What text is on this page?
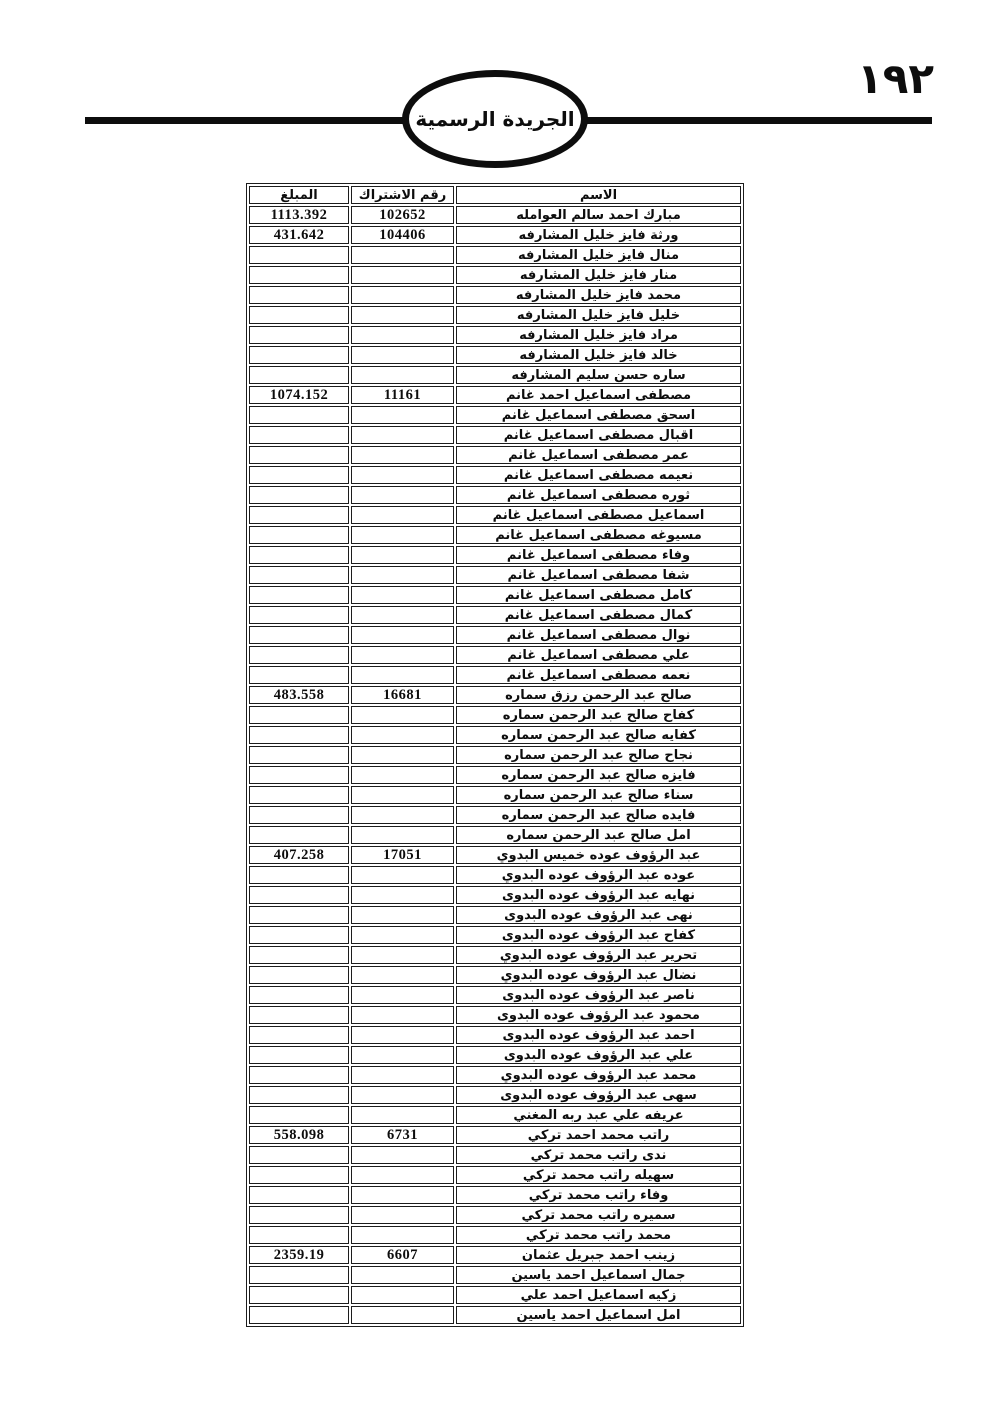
١٩٢
الجريدة الرسمية
الاسم	رقم الاشتراك	المبلغ
مبارك احمد سالم العوامله	102652	1113.392
ورثة فايز خليل المشارفه	104406	431.642
منال فايز خليل المشارفه		
منار فايز خليل المشارفه		
محمد فايز خليل المشارفه		
خليل فايز خليل المشارفه		
مراد فايز خليل المشارفه		
خالد فايز خليل المشارفه		
ساره حسن سليم المشارفه		
مصطفى اسماعيل احمد غانم	11161	1074.152
اسحق مصطفى اسماعيل غانم		
اقبال مصطفى اسماعيل غانم		
عمر مصطفى اسماعيل غانم		
نعيمه مصطفى اسماعيل غانم		
ثوره مصطفى اسماعيل غانم		
اسماعيل مصطفى اسماعيل غانم		
مسيوغه مصطفى اسماعيل غانم		
وفاء مصطفى اسماعيل غانم		
شفا مصطفى اسماعيل غانم		
كامل مصطفى اسماعيل غانم		
كمال مصطفى اسماعيل غانم		
نوال مصطفى اسماعيل غانم		
علي مصطفى اسماعيل غانم		
نعمه مصطفى اسماعيل غانم		
صالح عبد الرحمن رزق سماره	16681	483.558
كفاح صالح عبد الرحمن سماره		
كفايه صالح عبد الرحمن سماره		
نجاح صالح عبد الرحمن سماره		
فايزه صالح عبد الرحمن سماره		
سناء صالح عبد الرحمن سماره		
فايده صالح عبد الرحمن سماره		
امل صالح عبد الرحمن سماره		
عبد الرؤوف عوده خميس البدوي	17051	407.258
عوده عبد الرؤوف عوده البدوي		
نهايه عبد الرؤوف عوده البدوى		
نهى عبد الرؤوف عوده البدوى		
كفاح عبد الرؤوف عوده البدوى		
تحرير عبد الرؤوف عوده البدوي		
نضال عبد الرؤوف عوده البدوي		
ناصر عبد الرؤوف عوده البدوى		
محمود عبد الرؤوف عوده البدوى		
احمد عبد الرؤوف عوده البدوى		
علي عبد الرؤوف عوده البدوى		
محمد عبد الرؤوف عوده البدوي		
سهى عبد الرؤوف عوده البدوى		
عريفه علي عبد ربه المغني		
راتب محمد احمد تركي	6731	558.098
ندى راتب محمد تركي		
سهيله راتب محمد تركي		
وفاء راتب محمد تركي		
سميره راتب محمد تركي		
محمد راتب محمد تركي		
زينب احمد جبريل عثمان	6607	2359.19
جمال اسماعيل احمد ياسين		
زكيه اسماعيل احمد علي		
امل اسماعيل احمد ياسين		
